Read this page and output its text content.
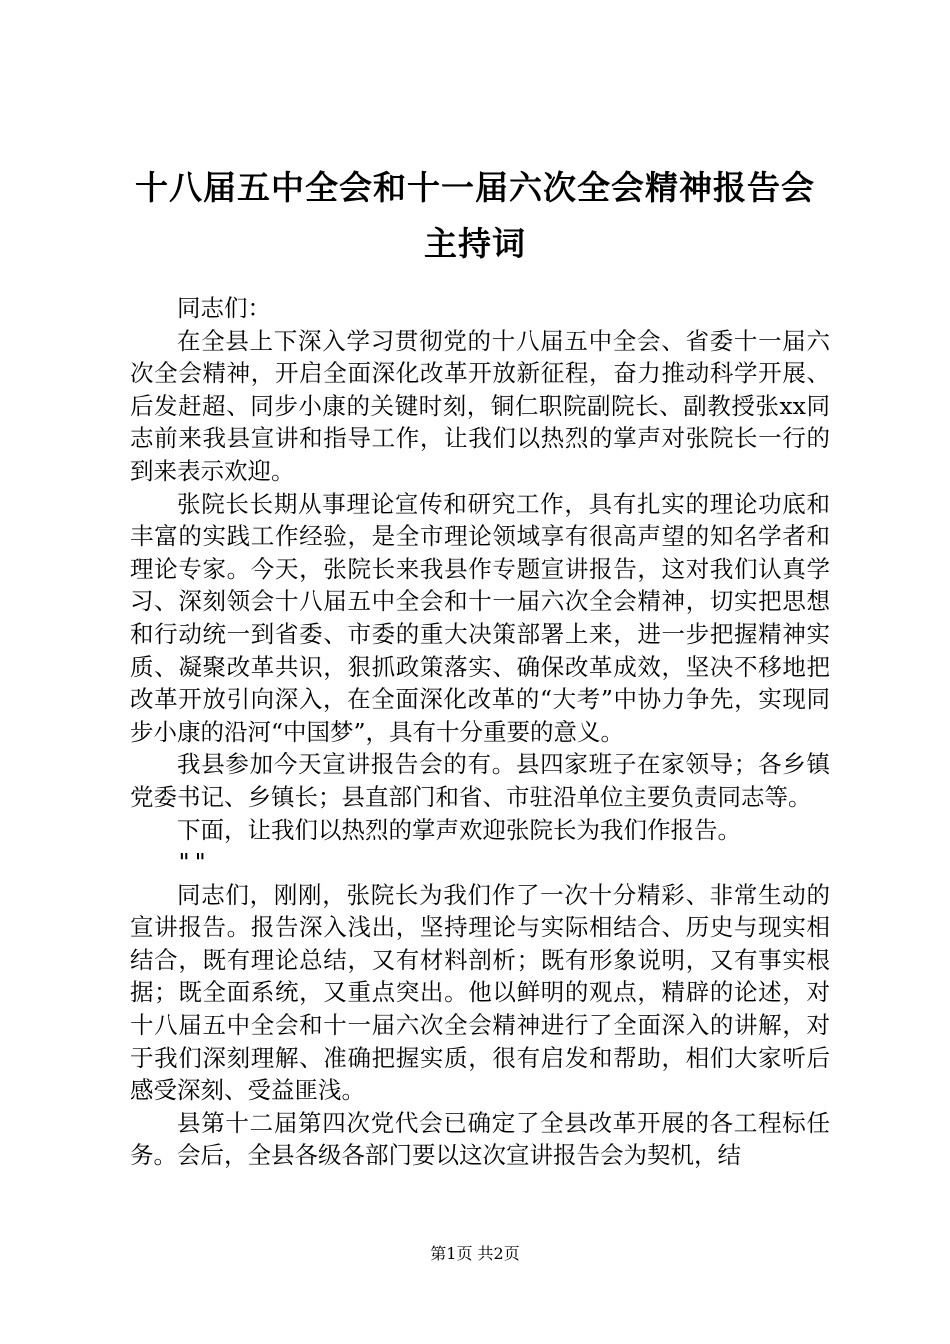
十八届五中全会和十一届六次全会精神报告会
主持词

同志们：

在全县上下深入学习贯彻党的十八届五中全会、省委十一届六次全会精神，开启全面深化改革开放新征程，奋力推动科学开展、后发赶超、同步小康的关键时刻，铜仁职院副院长、副教授张xx同志前来我县宣讲和指导工作，让我们以热烈的掌声对张院长一行的到来表示欢迎。

张院长长期从事理论宣传和研究工作，具有扎实的理论功底和丰富的实践工作经验，是全市理论领域享有很高声望的知名学者和理论专家。今天，张院长来我县作专题宣讲报告，这对我们认真学习、深刻领会十八届五中全会和十一届六次全会精神，切实把思想和行动统一到省委、市委的重大决策部署上来，进一步把握精神实质、凝聚改革共识，狠抓政策落实、确保改革成效，坚决不移地把改革开放引向深入，在全面深化改革的“大考”中协力争先，实现同步小康的沿河“中国梦”，具有十分重要的意义。

我县参加今天宣讲报告会的有。县四家班子在家领导；各乡镇党委书记、乡镇长；县直部门和省、市驻沿单位主要负责同志等。

下面，让我们以热烈的掌声欢迎张院长为我们作报告。

""

同志们，刚刚，张院长为我们作了一次十分精彩、非常生动的宣讲报告。报告深入浅出，坚持理论与实际相结合、历史与现实相结合，既有理论总结，又有材料剖析；既有形象说明，又有事实根据；既全面系统，又重点突出。他以鲜明的观点，精辟的论述，对十八届五中全会和十一届六次全会精神进行了全面深入的讲解，对于我们深刻理解、准确把握实质，很有启发和帮助，相们大家听后感受深刻、受益匪浅。

县第十二届第四次党代会已确定了全县改革开展的各工程标任务。会后，全县各级各部门要以这次宣讲报告会为契机，结

第1页 共2页
